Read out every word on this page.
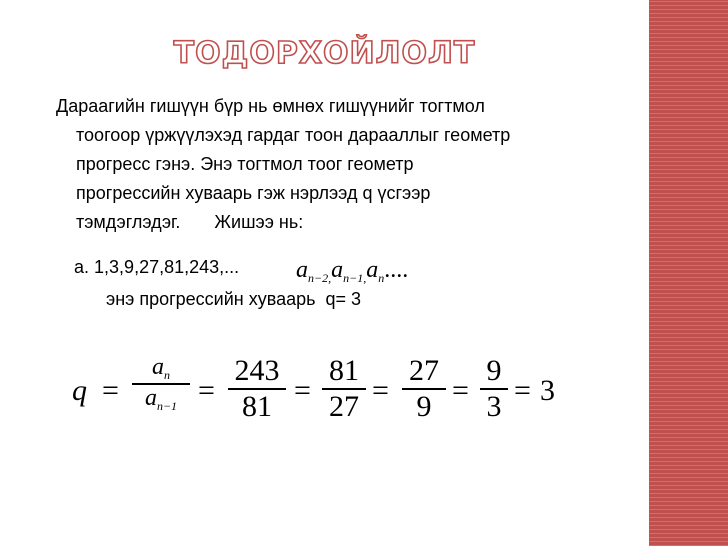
ТОДОРХОЙЛОЛТ

Дараагийн гишүүн бүр нь өмнөх гишүүнийг тогтмол

тоогоор үржүүлэхэд гардаг тоон дарааллыг геометр

прогресс гэнэ. Энэ тогтмол тоог геометр

прогрессийн хуваарь гэж нэрлээд q үсгээр

тэмдэглэдэг. Жишээ нь:

a. 1,3,9,27,81,243,...	$a_{n-2,}a_{n-1,}a_n$....

энэ прогрессийн хуваарь  q= 3

q =
$a_n$
$a_{n-1}$ =
243
81 =
81
27 =
27
9 =
9
3 = 3
